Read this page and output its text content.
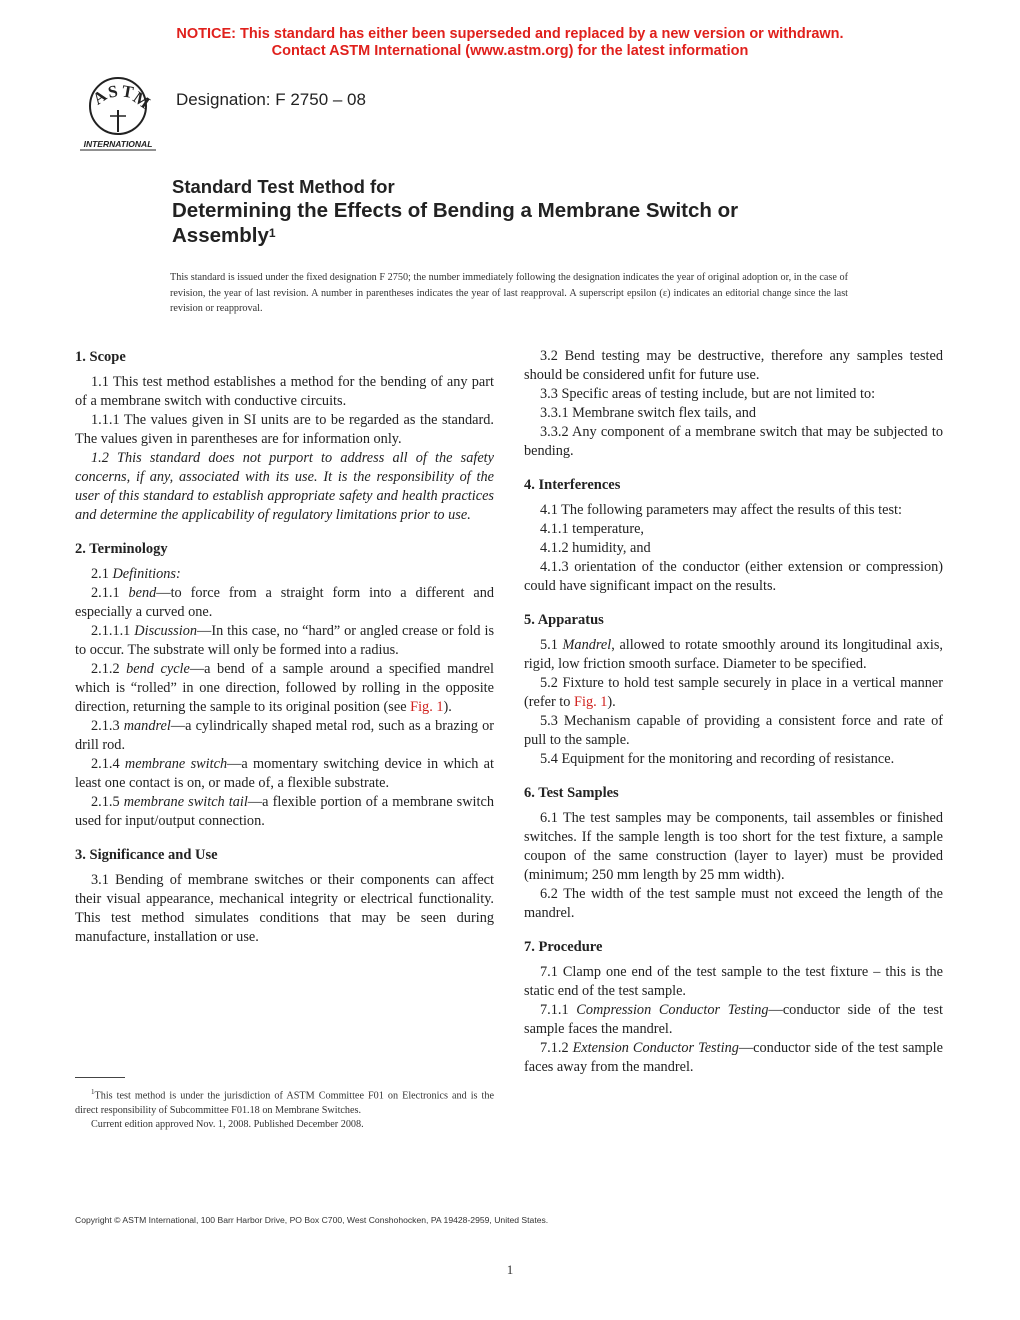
NOTICE: This standard has either been superseded and replaced by a new version or withdrawn.
Contact ASTM International (www.astm.org) for the latest information
A
S T
M
INTERNATIONAL
Designation: F 2750 – 08
Standard Test Method for
Determining the Effects of Bending a Membrane Switch or
Assembly$^1$
This standard is issued under the fixed designation F 2750; the number immediately following the designation indicates the year of original adoption or, in the case of revision, the year of last revision. A number in parentheses indicates the year of last reapproval. A superscript epsilon (ε) indicates an editorial change since the last revision or reapproval.
1. Scope

1.1 This test method establishes a method for the bending of any part of a membrane switch with conductive circuits.

1.1.1 The values given in SI units are to be regarded as the standard. The values given in parentheses are for information only.

1.2 This standard does not purport to address all of the safety concerns, if any, associated with its use. It is the responsibility of the user of this standard to establish appropriate safety and health practices and determine the applicability of regulatory limitations prior to use.

2. Terminology

2.1 Definitions:

2.1.1 bend—to force from a straight form into a different and especially a curved one.

2.1.1.1 Discussion—In this case, no “hard” or angled crease or fold is to occur. The substrate will only be formed into a radius.

2.1.2 bend cycle—a bend of a sample around a specified mandrel which is “rolled” in one direction, followed by rolling in the opposite direction, returning the sample to its original position (see Fig. 1).

2.1.3 mandrel—a cylindrically shaped metal rod, such as a brazing or drill rod.

2.1.4 membrane switch—a momentary switching device in which at least one contact is on, or made of, a flexible substrate.

2.1.5 membrane switch tail—a flexible portion of a membrane switch used for input/output connection.

3. Significance and Use

3.1 Bending of membrane switches or their components can affect their visual appearance, mechanical integrity or electrical functionality. This test method simulates conditions that may be seen during manufacture, installation or use.

$^1$This test method is under the jurisdiction of ASTM Committee F01 on Electronics and is the direct responsibility of Subcommittee F01.18 on Membrane Switches.

Current edition approved Nov. 1, 2008. Published December 2008.

3.2 Bend testing may be destructive, therefore any samples tested should be considered unfit for future use.

3.3 Specific areas of testing include, but are not limited to:

3.3.1 Membrane switch flex tails, and

3.3.2 Any component of a membrane switch that may be subjected to bending.

4. Interferences

4.1 The following parameters may affect the results of this test:

4.1.1 temperature,

4.1.2 humidity, and

4.1.3 orientation of the conductor (either extension or compression) could have significant impact on the results.

5. Apparatus

5.1 Mandrel, allowed to rotate smoothly around its longitudinal axis, rigid, low friction smooth surface. Diameter to be specified.

5.2 Fixture to hold test sample securely in place in a vertical manner (refer to Fig. 1).

5.3 Mechanism capable of providing a consistent force and rate of pull to the sample.

5.4 Equipment for the monitoring and recording of resistance.

6. Test Samples

6.1 The test samples may be components, tail assembles or finished switches. If the sample length is too short for the test fixture, a sample coupon of the same construction (layer to layer) must be provided (minimum; 250 mm length by 25 mm width).

6.2 The width of the test sample must not exceed the length of the mandrel.

7. Procedure

7.1 Clamp one end of the test sample to the test fixture – this is the static end of the test sample.

7.1.1 Compression Conductor Testing—conductor side of the test sample faces the mandrel.

7.1.2 Extension Conductor Testing—conductor side of the test sample faces away from the mandrel.

Copyright © ASTM International, 100 Barr Harbor Drive, PO Box C700, West Conshohocken, PA 19428-2959, United States.
1
